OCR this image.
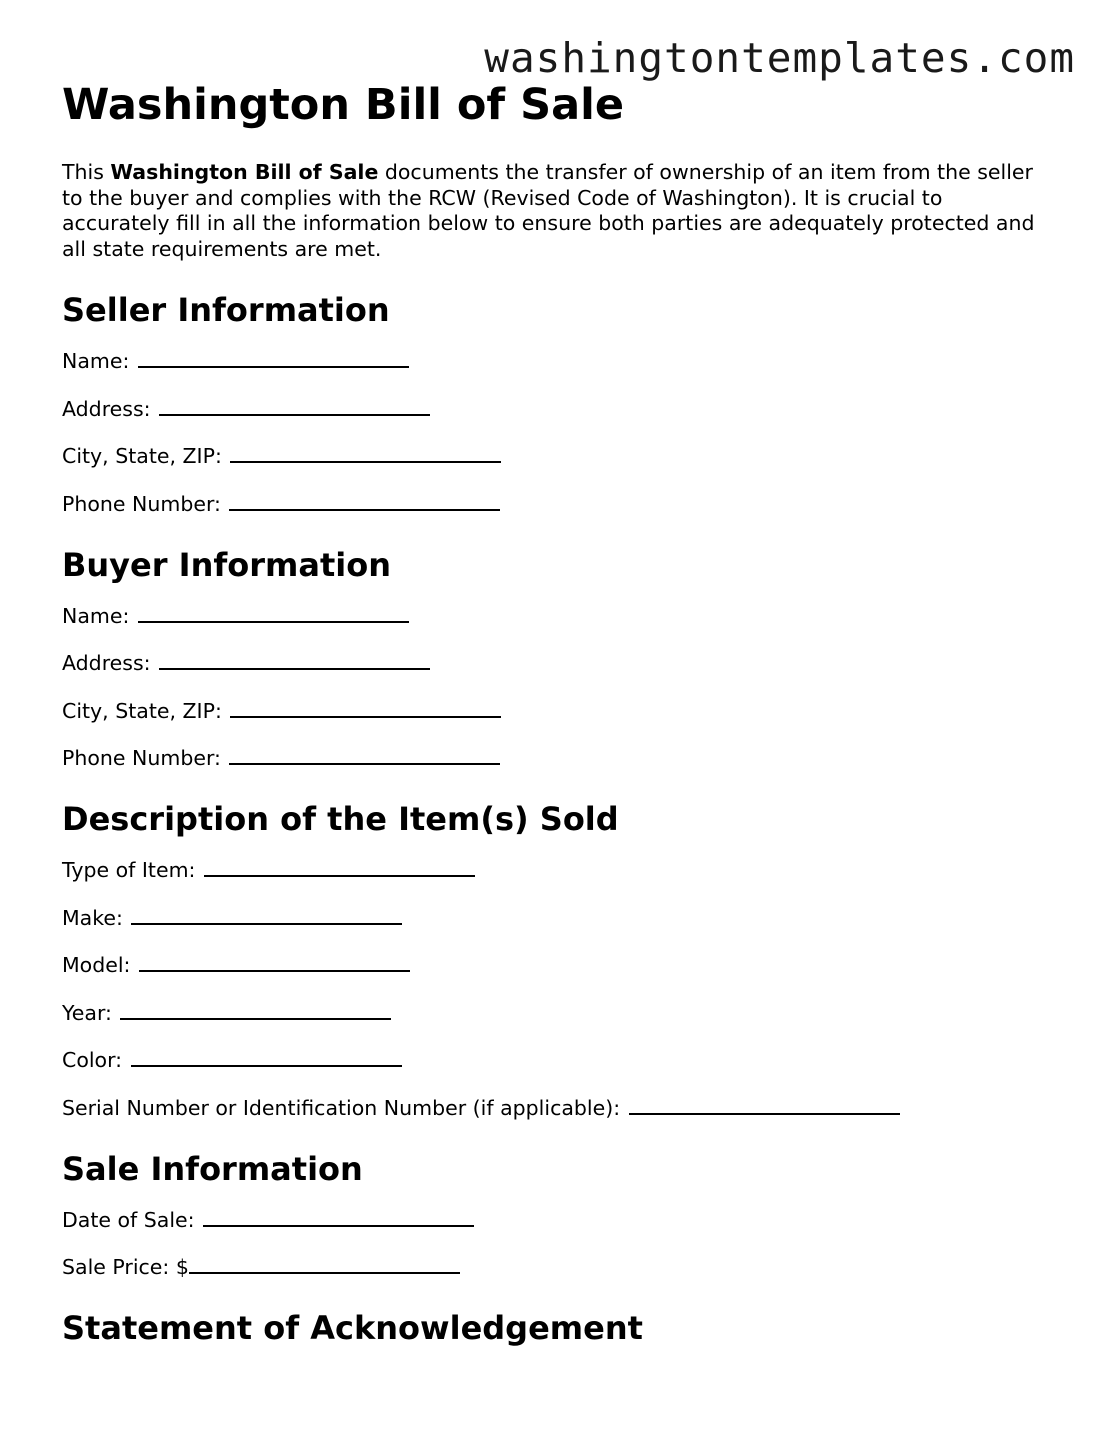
washingtontemplates.com
Washington Bill of Sale

This Washington Bill of Sale documents the transfer of ownership of an item from the seller to the buyer and complies with the RCW (Revised Code of Washington). It is crucial to accurately fill in all the information below to ensure both parties are adequately protected and all state requirements are met.

Seller Information
Name:
Address:
City, State, ZIP:
Phone Number:
Buyer Information
Name:
Address:
City, State, ZIP:
Phone Number:
Description of the Item(s) Sold
Type of Item:
Make:
Model:
Year:
Color:
Serial Number or Identification Number (if applicable):
Sale Information
Date of Sale:
Sale Price: $
Statement of Acknowledgement
